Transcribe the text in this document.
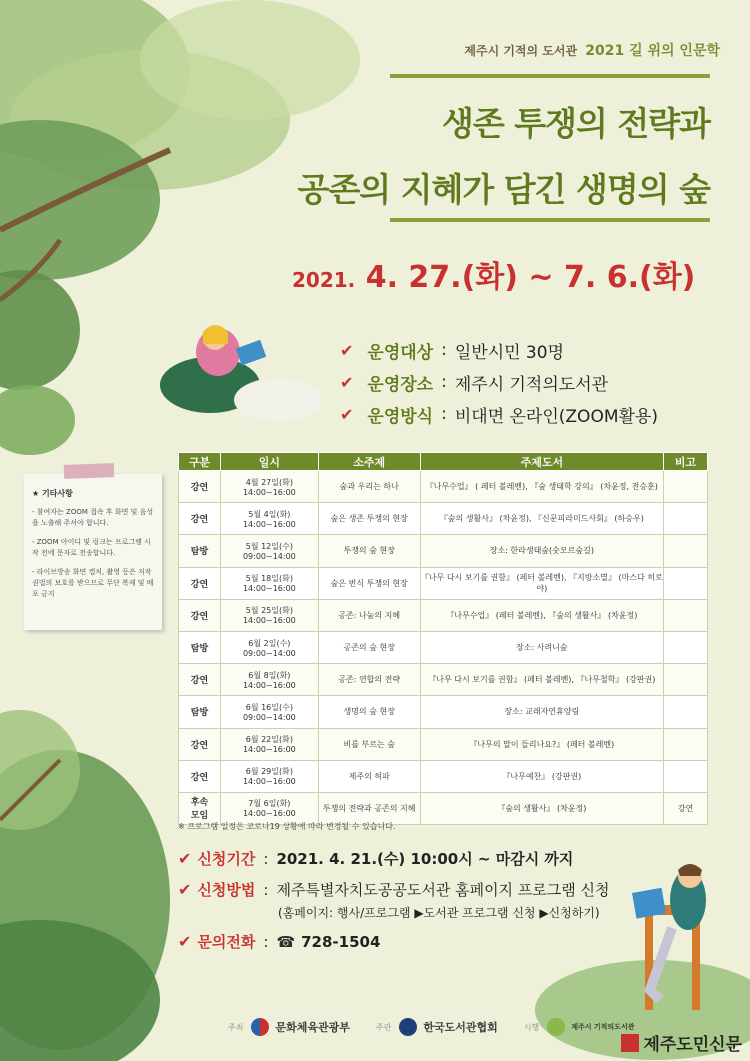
제주시 기적의 도서관 2021 길 위의 인문학
생존 투쟁의 전략과
공존의 지혜가 담긴 생명의 숲
2021. 4. 27.(화) ~ 7. 6.(화)
✔ 운영대상 : 일반시민 30명
✔ 운영장소 : 제주시 기적의도서관
✔ 운영방식 : 비대면 온라인(ZOOM활용)
★ 기타사항
- 참여자는 ZOOM 접속 후 화면 및 음성을 노출해 주셔야 합니다.
- ZOOM 아이디 및 링크는 프로그램 시작 전에 문자로 전송합니다.
- 라이브방송 화면 캡처, 촬영 등은 저작권법의 보호를 받으므로 무단 복제 및 배포 금지
구분	일시	소주제	주제도서	비고
강연	4월 27일(화) 14:00~16:00	숲과 우리는 하나	『나무수업』 ( 페터 볼레벤), 『숲 생태학 강의』 (차윤정, 전승훈)	
강연	5월 4일(화) 14:00~16:00	숲은 생존 투쟁의 현장	『숲의 생활사』 (차윤정), 『신문피라미드사회』 (하승우)	
탐방	5월 12일(수) 09:00~14:00	투쟁의 숲 현장	장소: 한라생태숲(숫모르숲길)	
강연	5월 18일(화) 14:00~16:00	숲은 번식 투쟁의 현장	『나무 다시 보기를 권함』 (페터 볼레벤), 『지방소멸』 (마스다 히로야)	
강연	5월 25일(화) 14:00~16:00	공존: 나눔의 지혜	『나무수업』 (페터 볼레벤), 『숲의 생활사』 (차윤정)	
탐방	6월 2일(수) 09:00~14:00	공존의 숲 현장	장소: 사려니숲	
강연	6월 8일(화) 14:00~16:00	공존: 연합의 전략	『나무 다시 보기를 권함』 (페터 볼레벤), 『나무철학』 (강판권)	
탐방	6월 16일(수) 09:00~14:00	생명의 숲 현장	장소: 교래자연휴양림	
강연	6월 22일(화) 14:00~16:00	비를 부르는 숲	『나무의 말이 들리나요?』 (페터 볼레벤)	
강연	6월 29일(화) 14:00~16:00	제주의 허파	『나무예찬』 (강판권)	
후속
모임	7월 6일(화) 14:00~16:00	투쟁의 전략과 공존의 지혜	『숲의 생활사』 (차윤정)	강연
※ 프로그램 일정은 코로나19 상황에 따라 변경될 수 있습니다.
✔ 신청기간 : 2021. 4. 21.(수) 10:00시 ~ 마감시 까지
✔ 신청방법 : 제주특별자치도공공도서관 홈페이지 프로그램 신청
(홈페이지: 행사/프로그램 ▶도서관 프로그램 신청 ▶신청하기)
✔ 문의전화 : ☎ 728-1504
주최	문화체육관광부	주관	한국도서관협회	시행	제주시 기적의도서관
제주도민신문
